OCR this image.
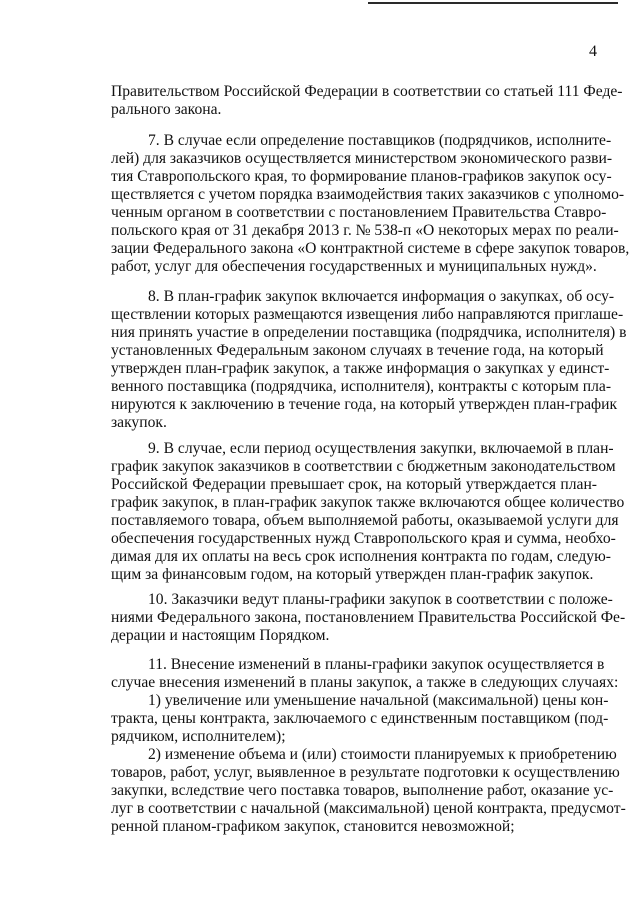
4
Правительством Российской Федерации в соответствии со статьей 111 Феде-
рального закона.
7. В случае если определение поставщиков (подрядчиков, исполните-
лей) для заказчиков осуществляется министерством экономического разви-
тия Ставропольского края, то формирование планов-графиков закупок осу-
ществляется с учетом порядка взаимодействия таких заказчиков с уполномо-
ченным органом в соответствии с постановлением Правительства Ставро-
польского края от 31 декабря 2013 г. № 538-п «О некоторых мерах по реали-
зации Федерального закона «О контрактной системе в сфере закупок товаров,
работ, услуг для обеспечения государственных и муниципальных нужд».
8. В план-график закупок включается информация о закупках, об осу-
ществлении которых размещаются извещения либо направляются приглаше-
ния принять участие в определении поставщика (подрядчика, исполнителя) в
установленных Федеральным законом случаях в течение года, на который
утвержден план-график закупок, а также информация о закупках у единст-
венного поставщика (подрядчика, исполнителя), контракты с которым пла-
нируются к заключению в течение года, на который утвержден план-график
закупок.
9. В случае, если период осуществления закупки, включаемой в план-
график закупок заказчиков в соответствии с бюджетным законодательством
Российской Федерации превышает срок, на который утверждается план-
график закупок, в план-график закупок также включаются общее количество
поставляемого товара, объем выполняемой работы, оказываемой услуги для
обеспечения государственных нужд Ставропольского края и сумма, необхо-
димая для их оплаты на весь срок исполнения контракта по годам, следую-
щим за финансовым годом, на который утвержден план-график закупок.
10. Заказчики ведут планы-графики закупок в соответствии с положе-
ниями Федерального закона, постановлением Правительства Российской Фе-
дерации и настоящим Порядком.
11. Внесение изменений в планы-графики закупок осуществляется в
случае внесения изменений в планы закупок, а также в следующих случаях:
1) увеличение или уменьшение начальной (максимальной) цены кон-
тракта, цены контракта, заключаемого с единственным поставщиком (под-
рядчиком, исполнителем);
2) изменение объема и (или) стоимости планируемых к приобретению
товаров, работ, услуг, выявленное в результате подготовки к осуществлению
закупки, вследствие чего поставка товаров, выполнение работ, оказание ус-
луг в соответствии с начальной (максимальной) ценой контракта, предусмот-
ренной планом-графиком закупок, становится невозможной;
